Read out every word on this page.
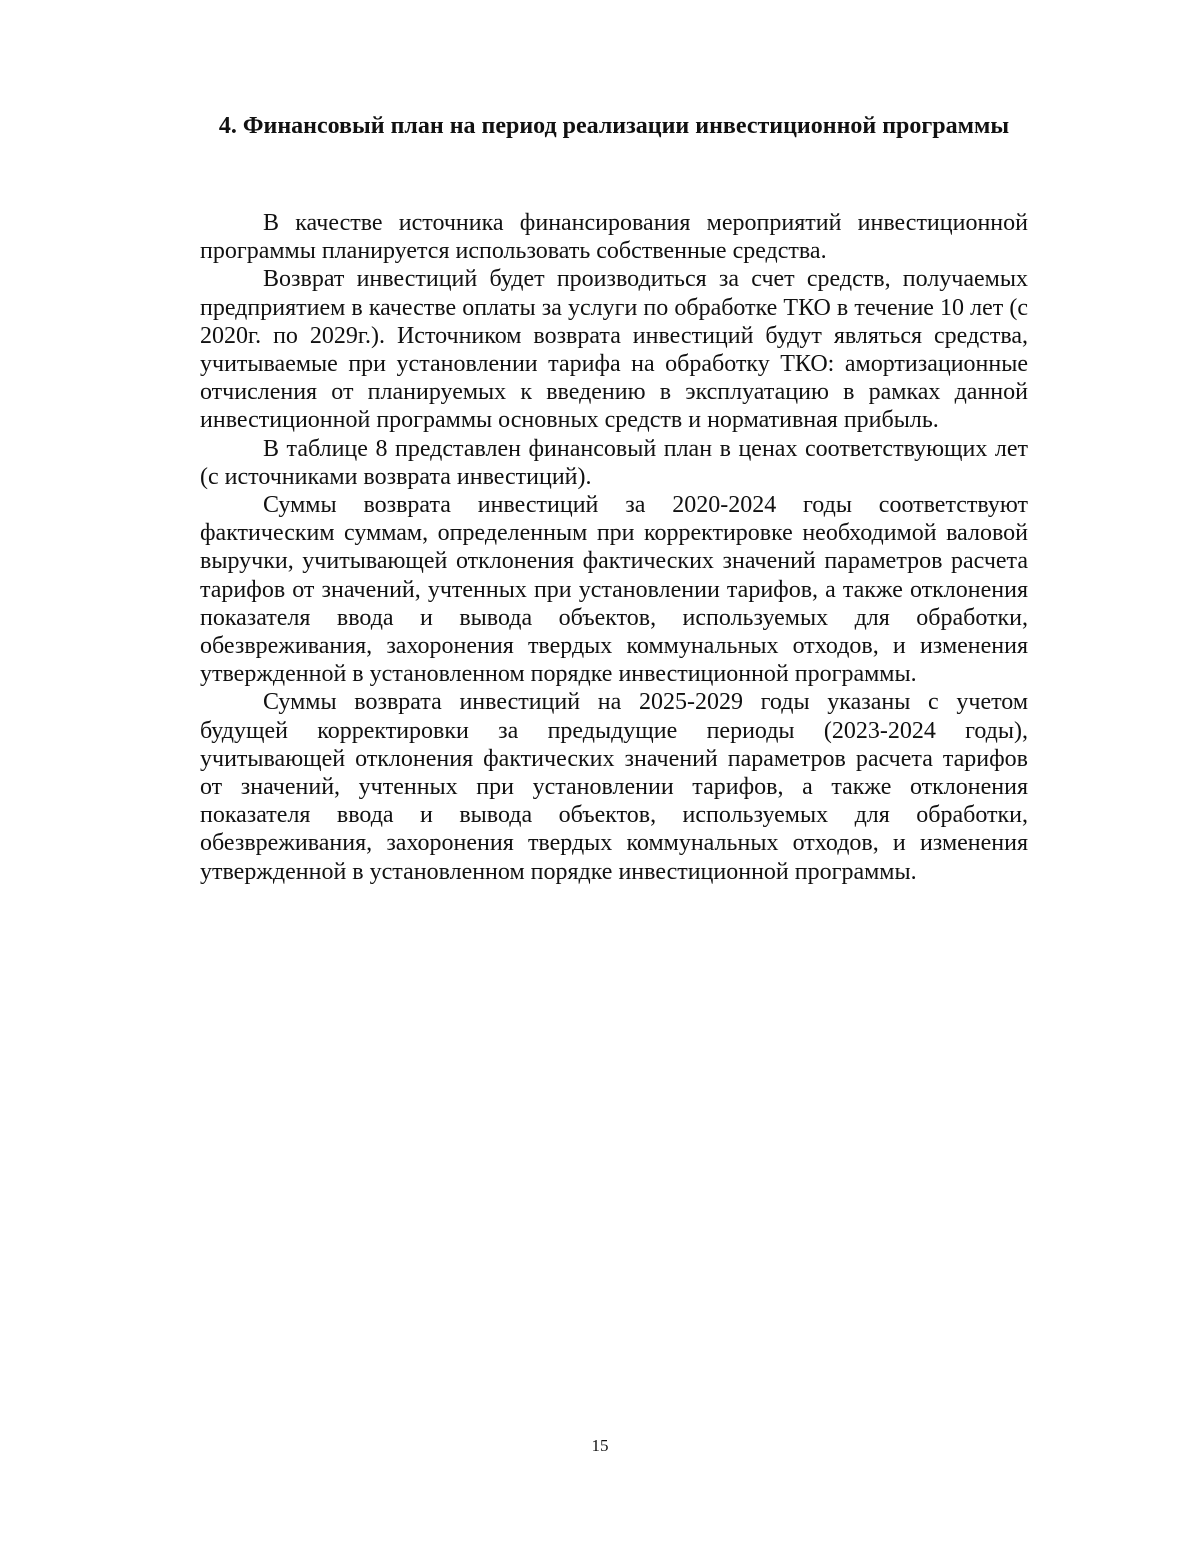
4. Финансовый план на период реализации инвестиционной программы

В качестве источника финансирования мероприятий инвестиционной программы планируется использовать собственные средства.

Возврат инвестиций будет производиться за счет средств, получаемых предприятием в качестве оплаты за услуги по обработке ТКО в течение 10 лет (с 2020г. по 2029г.). Источником возврата инвестиций будут являться средства, учитываемые при установлении тарифа на обработку ТКО: амортизационные отчисления от планируемых к введению в эксплуатацию в рамках данной инвестиционной программы основных средств и нормативная прибыль.

В таблице 8 представлен финансовый план в ценах соответствующих лет (с источниками возврата инвестиций).

Суммы возврата инвестиций за 2020-2024 годы соответствуют фактическим суммам, определенным при корректировке необходимой валовой выручки, учитывающей отклонения фактических значений параметров расчета тарифов от значений, учтенных при установлении тарифов, а также отклонения показателя ввода и вывода объектов, используемых для обработки, обезвреживания, захоронения твердых коммунальных отходов, и изменения утвержденной в установленном порядке инвестиционной программы.

Суммы возврата инвестиций на 2025-2029 годы указаны с учетом будущей корректировки за предыдущие периоды (2023-2024 годы), учитывающей отклонения фактических значений параметров расчета тарифов от значений, учтенных при установлении тарифов, а также отклонения показателя ввода и вывода объектов, используемых для обработки, обезвреживания, захоронения твердых коммунальных отходов, и изменения утвержденной в установленном порядке инвестиционной программы.

15
